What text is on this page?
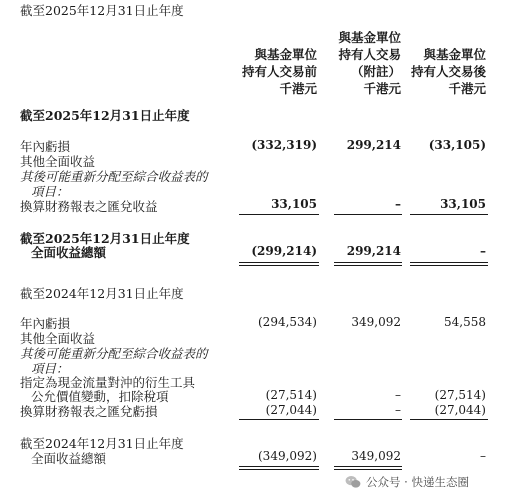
截至2025年12月31日止年度
與基金單位
持有人交易前
千港元
與基金單位
持有人交易
（附註）
千港元
與基金單位
持有人交易後
千港元
截至2025年12月31日止年度
年內虧損	(332,319)	299,214	(33,105)
其他全面收益
其後可能重新分配至綜合收益表的
項目：
換算財務報表之匯兌收益	33,105	–	33,105
截至2025年12月31日止年度
全面收益總額	(299,214)	299,214	–
截至2024年12月31日止年度
年內虧損	(294,534)	349,092	54,558
其他全面收益
其後可能重新分配至綜合收益表的
項目：
指定為現金流量對沖的衍生工具
公允價值變動，扣除稅項	(27,514)	–	(27,514)
換算財務報表之匯兌虧損	(27,044)	–	(27,044)
截至2024年12月31日止年度
全面收益總額	(349,092)	349,092	–
公众号 · 快递生态圈
